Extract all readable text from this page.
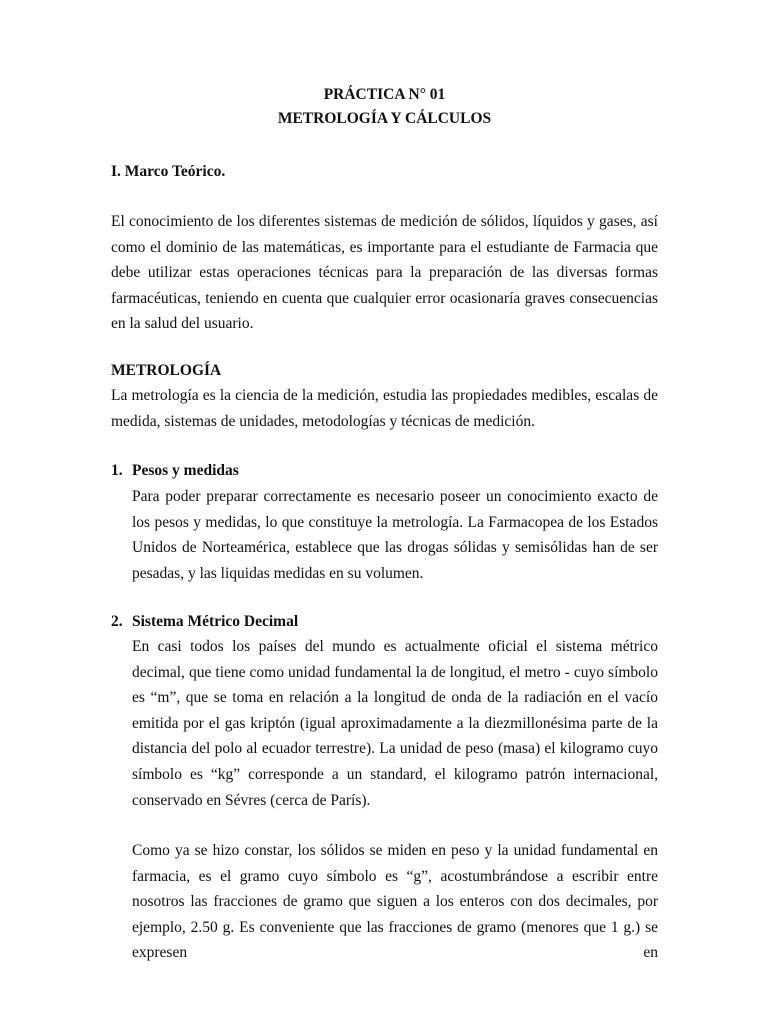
PRÁCTICA N° 01
METROLOGÍA Y CÁLCULOS
I. Marco Teórico.
El conocimiento de los diferentes sistemas de medición de sólidos, líquidos y gases, así como el dominio de las matemáticas, es importante para el estudiante de Farmacia que debe utilizar estas operaciones técnicas para la preparación de las diversas formas farmacéuticas, teniendo en cuenta que cualquier error ocasionaría graves consecuencias en la salud del usuario.
METROLOGÍA
La metrología es la ciencia de la medición, estudia las propiedades medibles, escalas de medida, sistemas de unidades, metodologías y técnicas de medición.
1. Pesos y medidas
Para poder preparar correctamente es necesario poseer un conocimiento exacto de los pesos y medidas, lo que constituye la metrología. La Farmacopea de los Estados Unidos de Norteamérica, establece que las drogas sólidas y semisólidas han de ser pesadas, y las liquidas medidas en su volumen.
2. Sistema Métrico Decimal
En casi todos los países del mundo es actualmente oficial el sistema métrico decimal, que tiene como unidad fundamental la de longitud, el metro - cuyo símbolo es “m”, que se toma en relación a la longitud de onda de la radiación en el vacío emitida por el gas kriptón (igual aproximadamente a la diezmillonésima parte de la distancia del polo al ecuador terrestre). La unidad de peso (masa) el kilogramo cuyo símbolo es “kg” corresponde a un standard, el kilogramo patrón internacional, conservado en Sévres (cerca de París).
Como ya se hizo constar, los sólidos se miden en peso y la unidad fundamental en farmacia, es el gramo cuyo símbolo es “g”, acostumbrándose a escribir entre nosotros las fracciones de gramo que siguen a los enteros con dos decimales, por ejemplo, 2.50 g. Es conveniente que las fracciones de gramo (menores que 1 g.) se expresen en
